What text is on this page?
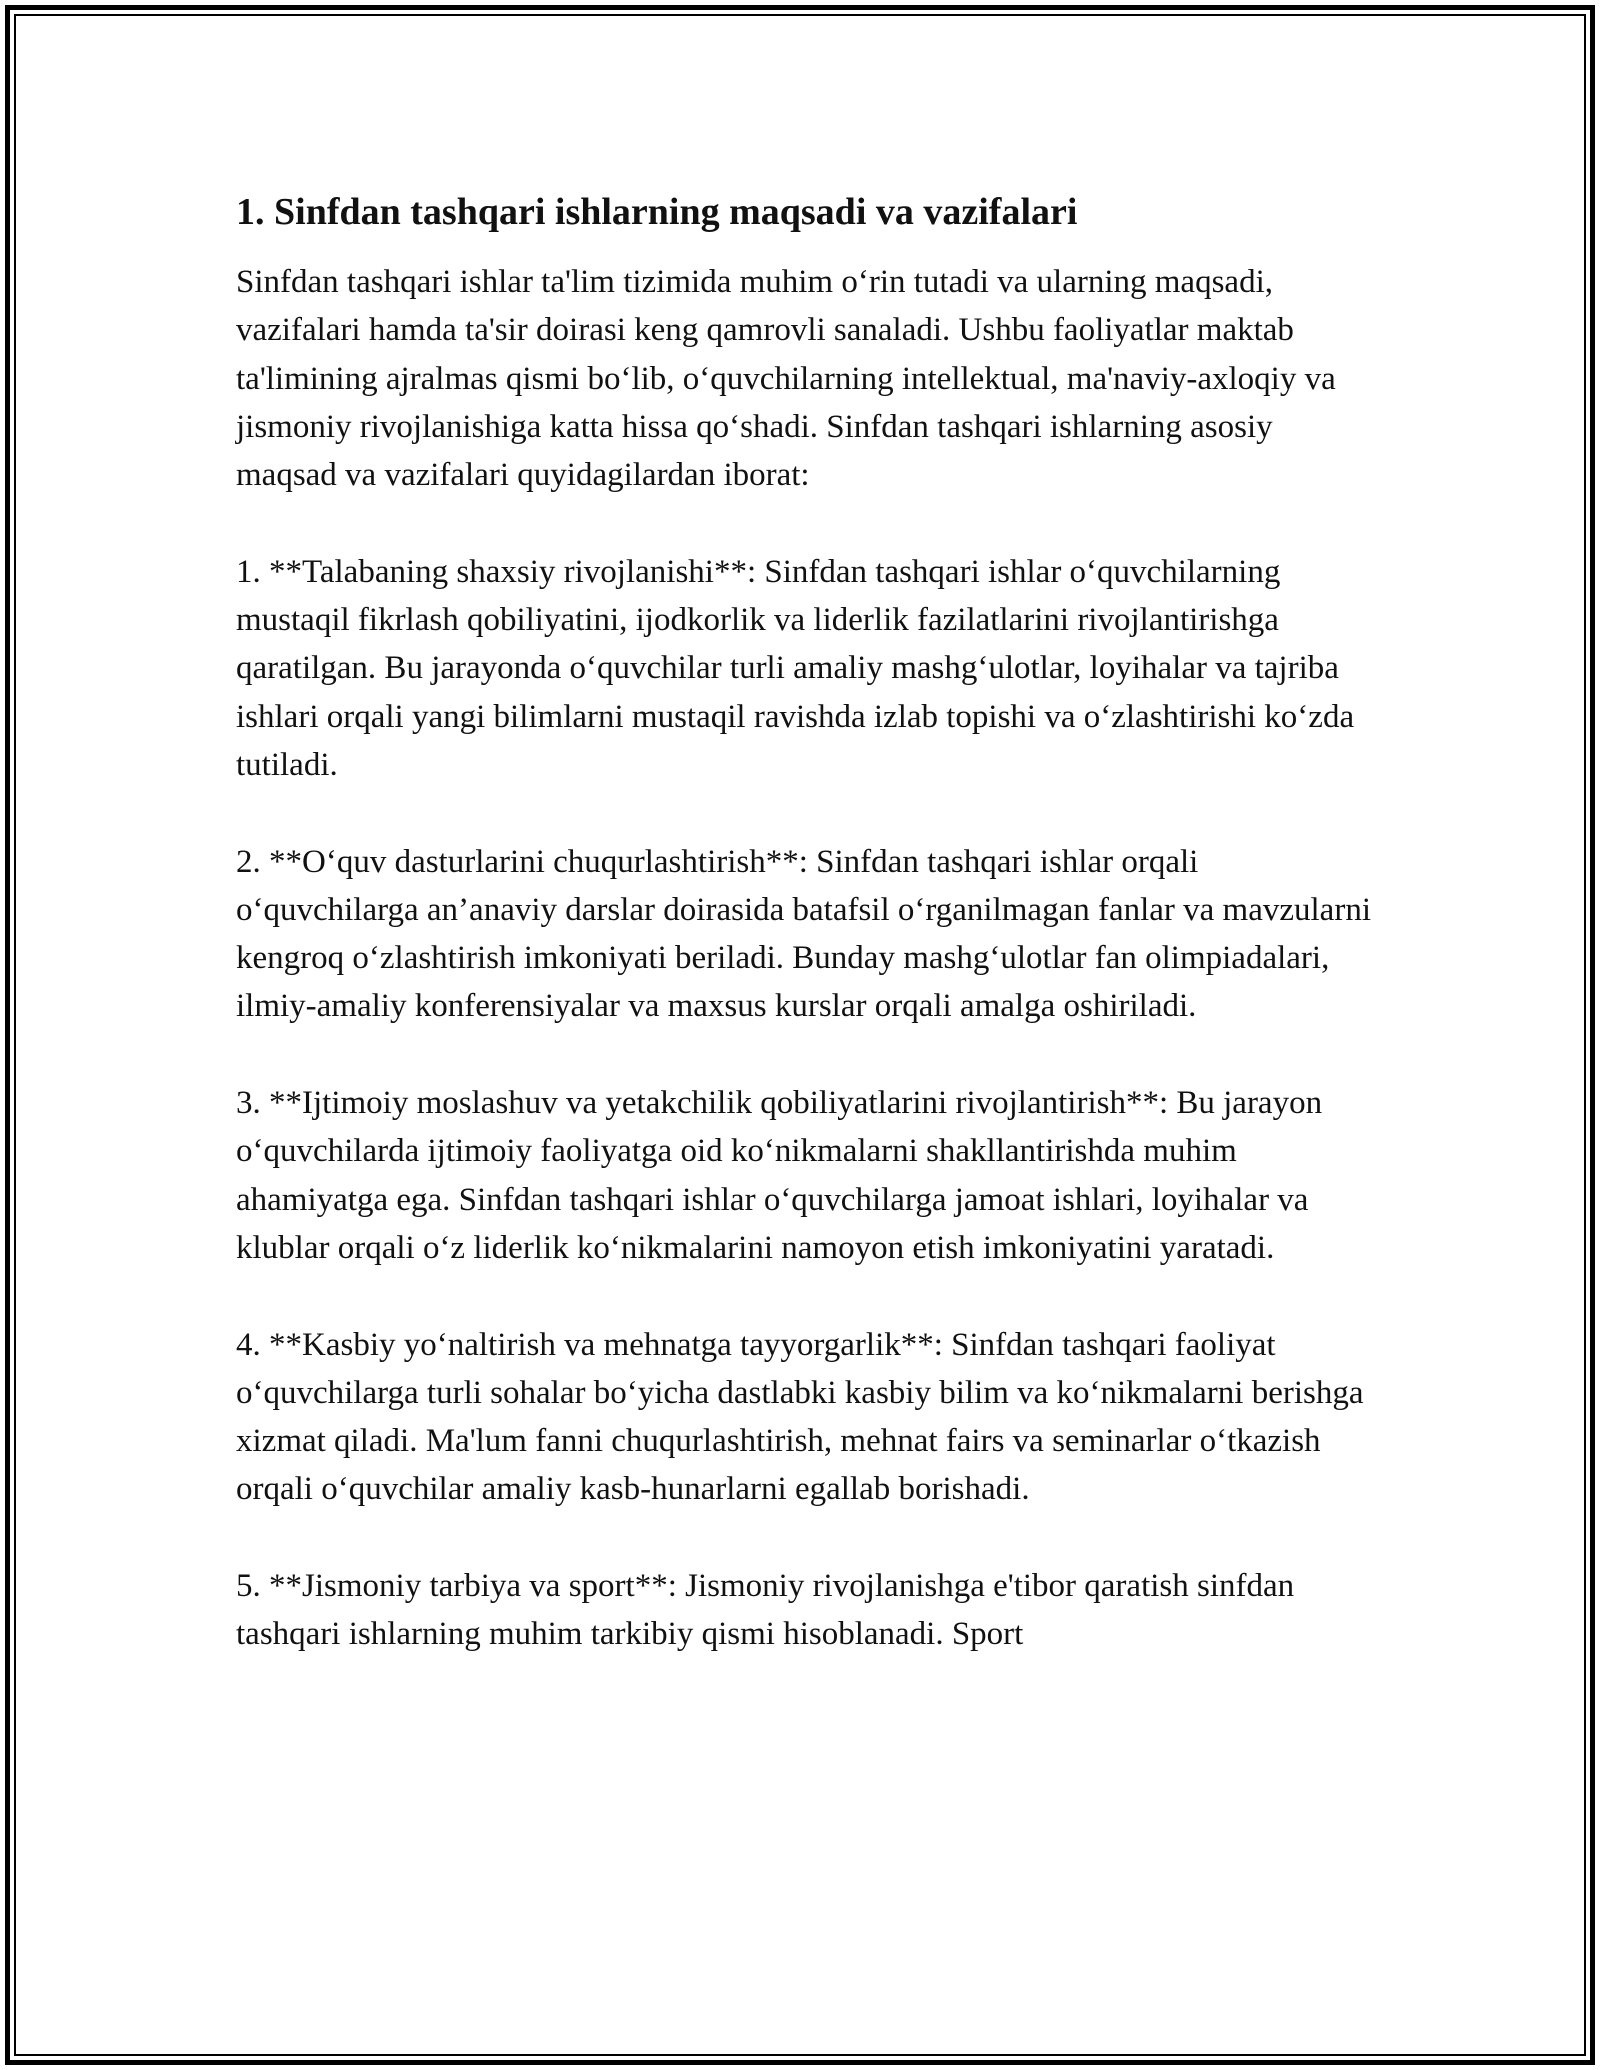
1. Sinfdan tashqari ishlarning maqsadi va vazifalari

Sinfdan tashqari ishlar ta'lim tizimida muhim o‘rin tutadi va ularning maqsadi, vazifalari hamda ta'sir doirasi keng qamrovli sanaladi. Ushbu faoliyatlar maktab ta'limining ajralmas qismi bo‘lib, o‘quvchilarning intellektual, ma'naviy-axloqiy va jismoniy rivojlanishiga katta hissa qo‘shadi. Sinfdan tashqari ishlarning asosiy maqsad va vazifalari quyidagilardan iborat:

1. **Talabaning shaxsiy rivojlanishi**: Sinfdan tashqari ishlar o‘quvchilarning mustaqil fikrlash qobiliyatini, ijodkorlik va liderlik fazilatlarini rivojlantirishga qaratilgan. Bu jarayonda o‘quvchilar turli amaliy mashg‘ulotlar, loyihalar va tajriba ishlari orqali yangi bilimlarni mustaqil ravishda izlab topishi va o‘zlashtirishi ko‘zda tutiladi.

2. **O‘quv dasturlarini chuqurlashtirish**: Sinfdan tashqari ishlar orqali o‘quvchilarga an’anaviy darslar doirasida batafsil o‘rganilmagan fanlar va mavzularni kengroq o‘zlashtirish imkoniyati beriladi. Bunday mashg‘ulotlar fan olimpiadalari, ilmiy-amaliy konferensiyalar va maxsus kurslar orqali amalga oshiriladi.

3. **Ijtimoiy moslashuv va yetakchilik qobiliyatlarini rivojlantirish**: Bu jarayon o‘quvchilarda ijtimoiy faoliyatga oid ko‘nikmalarni shakllantirishda muhim ahamiyatga ega. Sinfdan tashqari ishlar o‘quvchilarga jamoat ishlari, loyihalar va klublar orqali o‘z liderlik ko‘nikmalarini namoyon etish imkoniyatini yaratadi.

4. **Kasbiy yo‘naltirish va mehnatga tayyorgarlik**: Sinfdan tashqari faoliyat o‘quvchilarga turli sohalar bo‘yicha dastlabki kasbiy bilim va ko‘nikmalarni berishga xizmat qiladi. Ma'lum fanni chuqurlashtirish, mehnat fairs va seminarlar o‘tkazish orqali o‘quvchilar amaliy kasb-hunarlarni egallab borishadi.

5. **Jismoniy tarbiya va sport**: Jismoniy rivojlanishga e'tibor qaratish sinfdan tashqari ishlarning muhim tarkibiy qismi hisoblanadi. Sport
